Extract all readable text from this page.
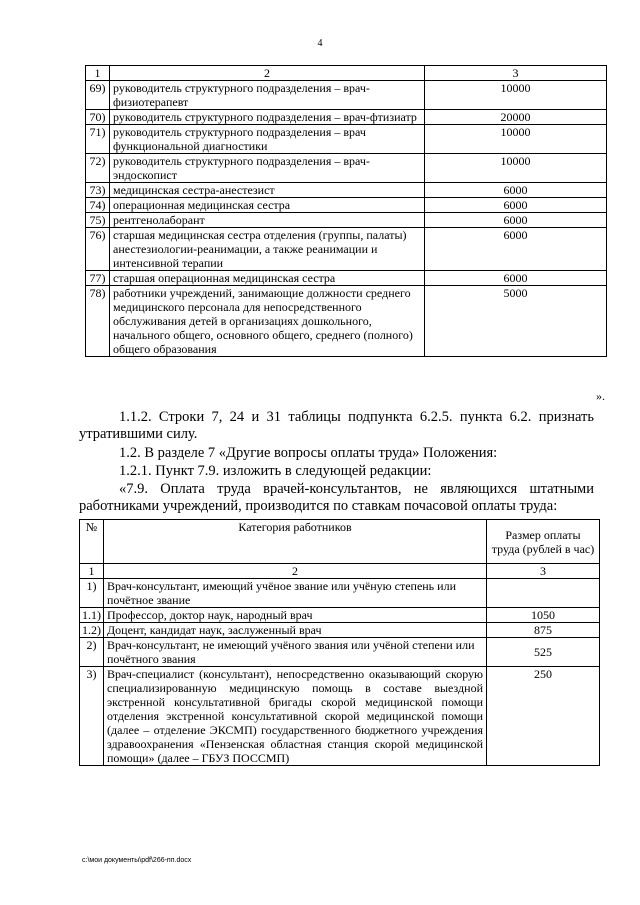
4
1	2	3
69)	руководитель структурного подразделения – врач-физиотерапевт	10000
70)	руководитель структурного подразделения – врач-фтизиатр	20000
71)	руководитель структурного подразделения – врач функциональной диагностики	10000
72)	руководитель структурного подразделения – врач-эндоскопист	10000
73)	медицинская сестра-анестезист	6000
74)	операционная медицинская сестра	6000
75)	рентгенолаборант	6000
76)	старшая медицинская сестра отделения (группы, палаты) анестезиологии-реанимации, а также реанимации и интенсивной терапии	6000
77)	старшая операционная медицинская сестра	6000
78)	работники учреждений, занимающие должности среднего медицинского персонала для непосредственного обслуживания детей в организациях дошкольного, начального общего, основного общего, среднего (полного) общего образования	5000
».
1.1.2. Строки 7, 24 и 31 таблицы подпункта 6.2.5. пункта 6.2. признать утратившими силу.
1.2. В разделе 7 «Другие вопросы оплаты труда» Положения:
1.2.1. Пункт 7.9. изложить в следующей редакции:
«7.9. Оплата труда врачей-консультантов, не являющихся штатными работниками учреждений, производится по ставкам почасовой оплаты труда:
№	Категория работников	Размер оплаты труда (рублей в час)
1	2	3
1)	Врач-консультант, имеющий учёное звание или учёную степень или почётное звание	
1.1)	Профессор, доктор наук, народный врач	1050
1.2)	Доцент, кандидат наук, заслуженный врач	875
2)	Врач-консультант, не имеющий учёного звания или учёной степени или почётного звания	525
3)	Врач-специалист (консультант), непосредственно оказывающий скорую специализированную медицинскую помощь в составе выездной экстренной консультативной бригады скорой медицинской помощи отделения экстренной консультативной скорой медицинской помощи (далее – отделение ЭКСМП) государственного бюджетного учреждения здравоохранения «Пензенская областная станция скорой медицинской помощи» (далее – ГБУЗ ПОССМП)	250
c:\мои документы\pdf\266-пп.docx
